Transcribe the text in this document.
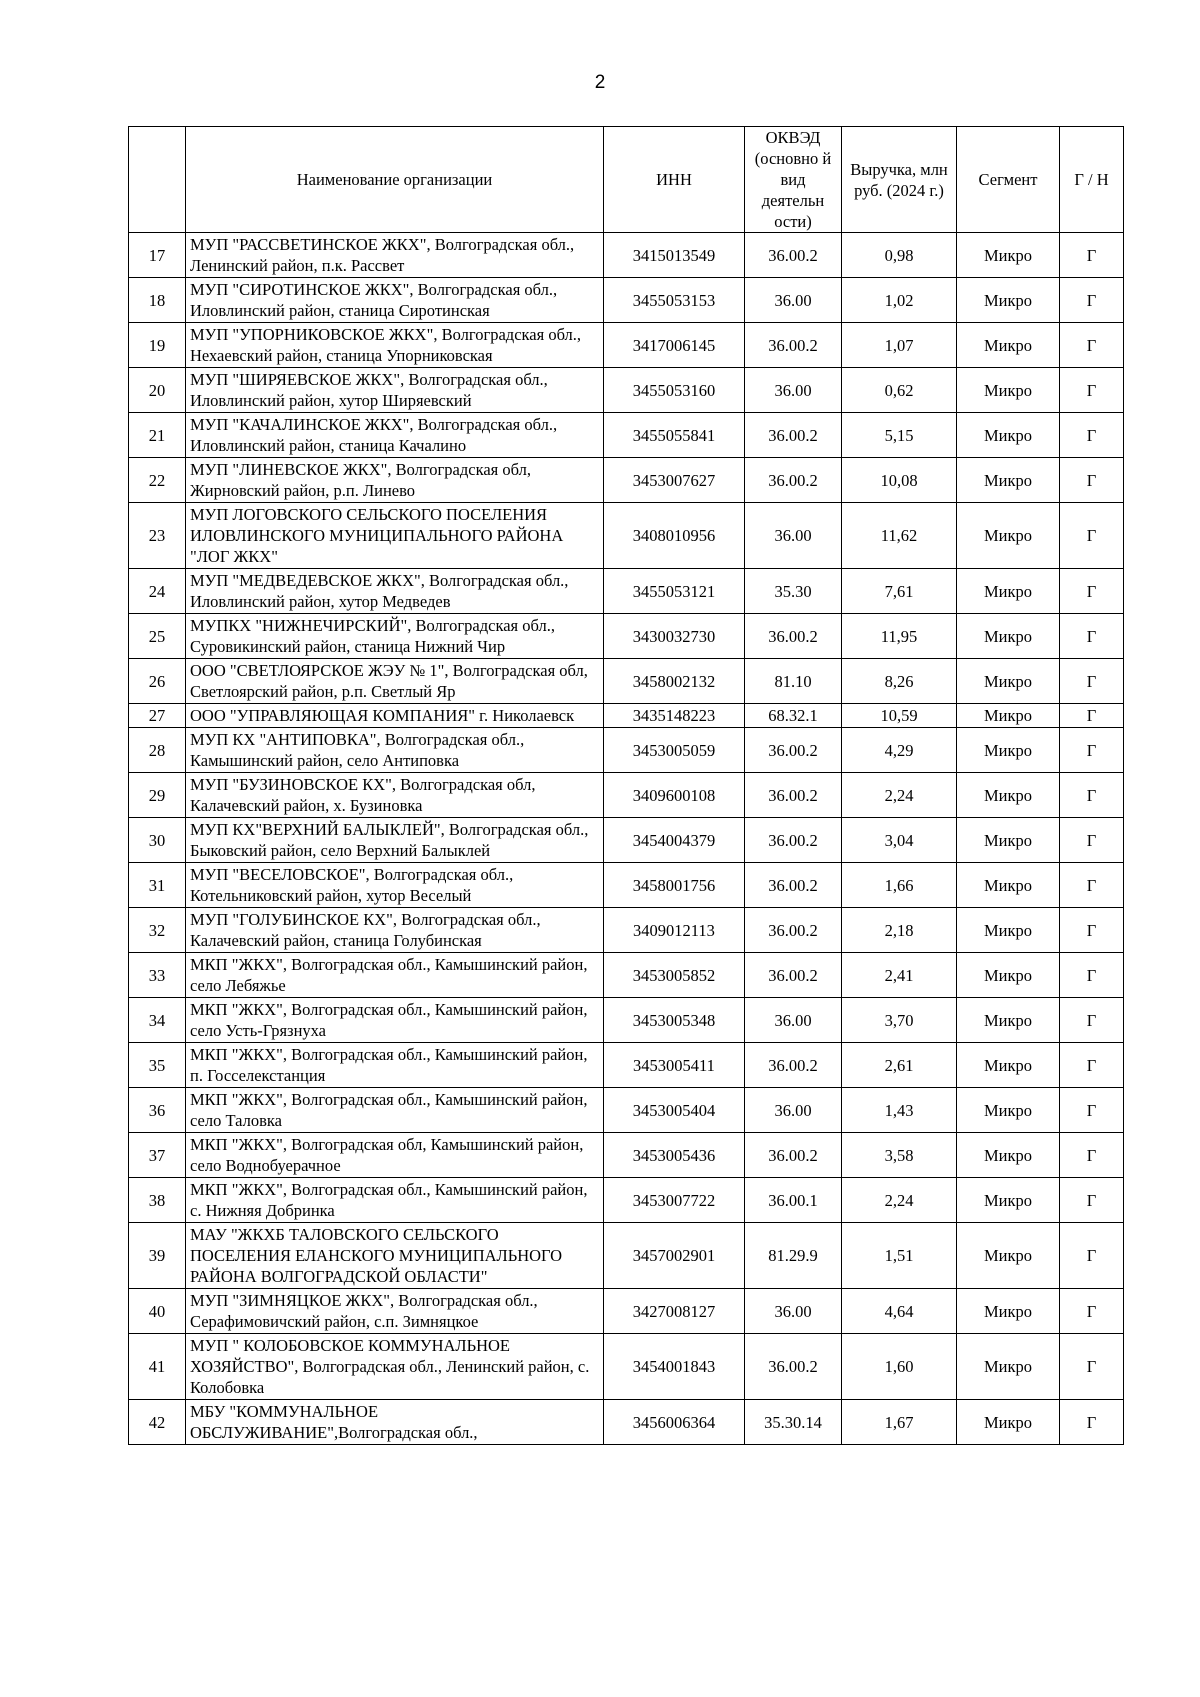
2
	Наименование организации	ИНН	ОКВЭД (основно й вид деятельн ости)	Выручка, млн руб. (2024 г.)	Сегмент	Г / Н
17	МУП "РАССВЕТИНСКОЕ ЖКХ", Волгоградская обл., Ленинский район, п.к. Рассвет	3415013549	36.00.2	0,98	Микро	Г
18	МУП "СИРОТИНСКОЕ ЖКХ", Волгоградская обл., Иловлинский район, станица Сиротинская	3455053153	36.00	1,02	Микро	Г
19	МУП "УПОРНИКОВСКОЕ ЖКХ", Волгоградская обл., Нехаевский район, станица Упорниковская	3417006145	36.00.2	1,07	Микро	Г
20	МУП "ШИРЯЕВСКОЕ ЖКХ", Волгоградская обл., Иловлинский район, хутор Ширяевский	3455053160	36.00	0,62	Микро	Г
21	МУП "КАЧАЛИНСКОЕ ЖКХ", Волгоградская обл., Иловлинский район, станица Качалино	3455055841	36.00.2	5,15	Микро	Г
22	МУП "ЛИНЕВСКОЕ ЖКХ", Волгоградская обл, Жирновский район, р.п. Линево	3453007627	36.00.2	10,08	Микро	Г
23	МУП ЛОГОВСКОГО СЕЛЬСКОГО ПОСЕЛЕНИЯ ИЛОВЛИНСКОГО МУНИЦИПАЛЬНОГО РАЙОНА "ЛОГ ЖКХ"	3408010956	36.00	11,62	Микро	Г
24	МУП "МЕДВЕДЕВСКОЕ ЖКХ", Волгоградская обл., Иловлинский район, хутор Медведев	3455053121	35.30	7,61	Микро	Г
25	МУПКХ "НИЖНЕЧИРСКИЙ", Волгоградская обл., Суровикинский район, станица Нижний Чир	3430032730	36.00.2	11,95	Микро	Г
26	ООО "СВЕТЛОЯРСКОЕ ЖЭУ № 1", Волгоградская обл, Светлоярский район, р.п. Светлый Яр	3458002132	81.10	8,26	Микро	Г
27	ООО "УПРАВЛЯЮЩАЯ КОМПАНИЯ" г. Николаевск	3435148223	68.32.1	10,59	Микро	Г
28	МУП КХ "АНТИПОВКА", Волгоградская обл., Камышинский район, село Антиповка	3453005059	36.00.2	4,29	Микро	Г
29	МУП "БУЗИНОВСКОЕ КХ", Волгоградская обл, Калачевский район, х. Бузиновка	3409600108	36.00.2	2,24	Микро	Г
30	МУП КХ"ВЕРХНИЙ БАЛЫКЛЕЙ", Волгоградская обл., Быковский район, село Верхний Балыклей	3454004379	36.00.2	3,04	Микро	Г
31	МУП "ВЕСЕЛОВСКОЕ", Волгоградская обл., Котельниковский район, хутор Веселый	3458001756	36.00.2	1,66	Микро	Г
32	МУП "ГОЛУБИНСКОЕ КХ", Волгоградская обл., Калачевский район, станица Голубинская	3409012113	36.00.2	2,18	Микро	Г
33	МКП "ЖКХ", Волгоградская обл., Камышинский район, село Лебяжье	3453005852	36.00.2	2,41	Микро	Г
34	МКП "ЖКХ", Волгоградская обл., Камышинский район, село Усть-Грязнуха	3453005348	36.00	3,70	Микро	Г
35	МКП "ЖКХ", Волгоградская обл., Камышинский район, п. Госселекстанция	3453005411	36.00.2	2,61	Микро	Г
36	МКП "ЖКХ", Волгоградская обл., Камышинский район, село Таловка	3453005404	36.00	1,43	Микро	Г
37	МКП "ЖКХ", Волгоградская обл, Камышинский район, село Воднобуерачное	3453005436	36.00.2	3,58	Микро	Г
38	МКП "ЖКХ", Волгоградская обл., Камышинский район, с. Нижняя Добринка	3453007722	36.00.1	2,24	Микро	Г
39	МАУ "ЖКХБ ТАЛОВСКОГО СЕЛЬСКОГО ПОСЕЛЕНИЯ ЕЛАНСКОГО МУНИЦИПАЛЬНОГО РАЙОНА ВОЛГОГРАДСКОЙ ОБЛАСТИ"	3457002901	81.29.9	1,51	Микро	Г
40	МУП "ЗИМНЯЦКОЕ ЖКХ", Волгоградская обл., Серафимовичский район, с.п. Зимняцкое	3427008127	36.00	4,64	Микро	Г
41	МУП " КОЛОБОВСКОЕ КОММУНАЛЬНОЕ ХОЗЯЙСТВО", Волгоградская обл., Ленинский район, с. Колобовка	3454001843	36.00.2	1,60	Микро	Г
42	МБУ "КОММУНАЛЬНОЕ ОБСЛУЖИВАНИЕ",Волгоградская обл.,	3456006364	35.30.14	1,67	Микро	Г
